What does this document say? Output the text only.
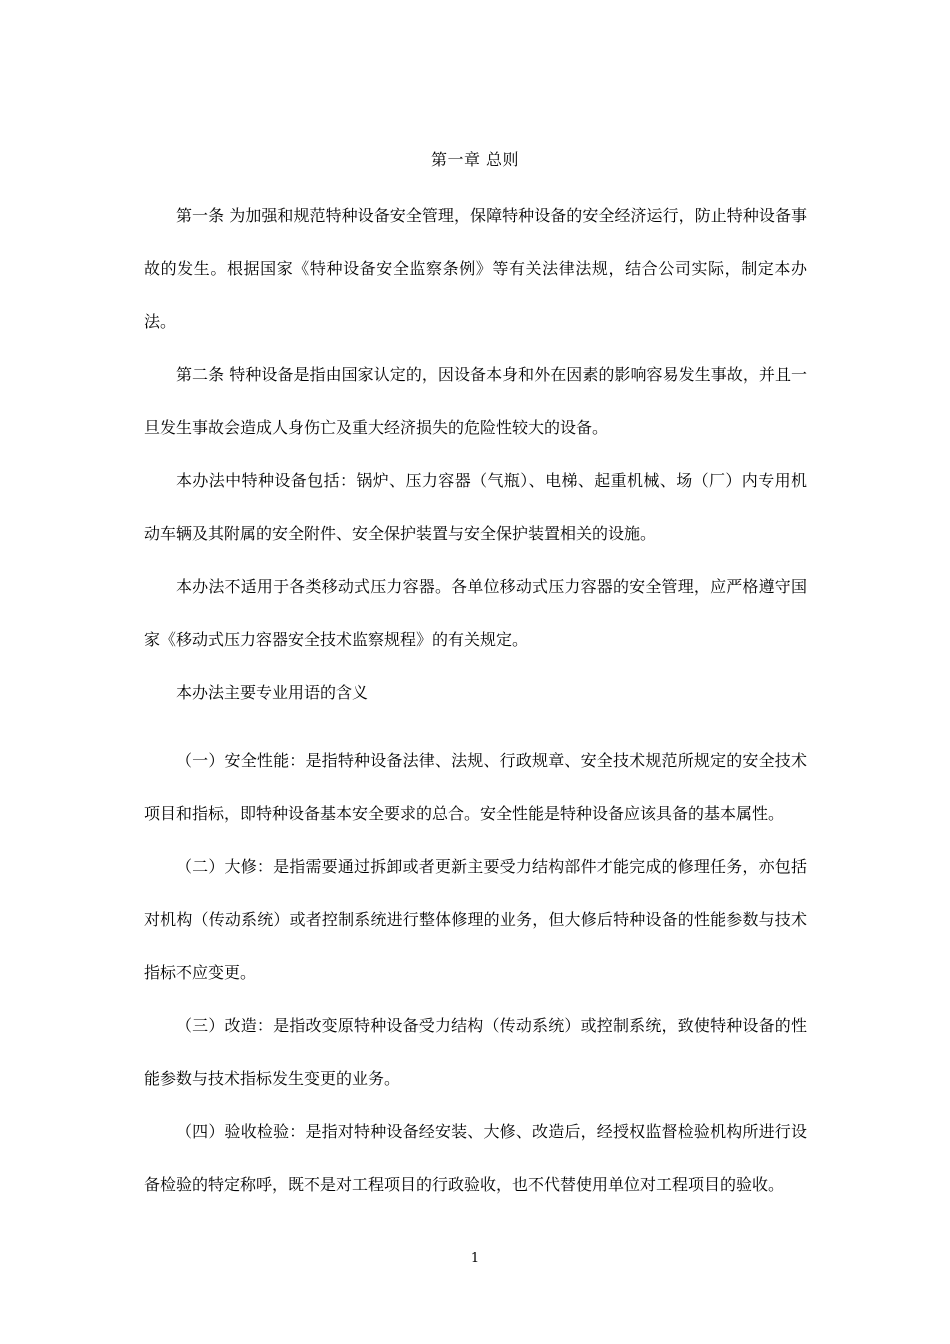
第一章 总则

第一条 为加强和规范特种设备安全管理，保障特种设备的安全经济运行，防止特种设备事故的发生。根据国家《特种设备安全监察条例》等有关法律法规，结合公司实际，制定本办法。

第二条 特种设备是指由国家认定的，因设备本身和外在因素的影响容易发生事故，并且一旦发生事故会造成人身伤亡及重大经济损失的危险性较大的设备。

本办法中特种设备包括：锅炉、压力容器（气瓶）、电梯、起重机械、场（厂）内专用机动车辆及其附属的安全附件、安全保护装置与安全保护装置相关的设施。

本办法不适用于各类移动式压力容器。各单位移动式压力容器的安全管理，应严格遵守国家《移动式压力容器安全技术监察规程》的有关规定。

本办法主要专业用语的含义

（一）安全性能：是指特种设备法律、法规、行政规章、安全技术规范所规定的安全技术项目和指标，即特种设备基本安全要求的总合。安全性能是特种设备应该具备的基本属性。

（二）大修：是指需要通过拆卸或者更新主要受力结构部件才能完成的修理任务，亦包括对机构（传动系统）或者控制系统进行整体修理的业务，但大修后特种设备的性能参数与技术指标不应变更。

（三）改造：是指改变原特种设备受力结构（传动系统）或控制系统，致使特种设备的性能参数与技术指标发生变更的业务。

（四）验收检验：是指对特种设备经安装、大修、改造后，经授权监督检验机构所进行设备检验的特定称呼，既不是对工程项目的行政验收，也不代替使用单位对工程项目的验收。

1
